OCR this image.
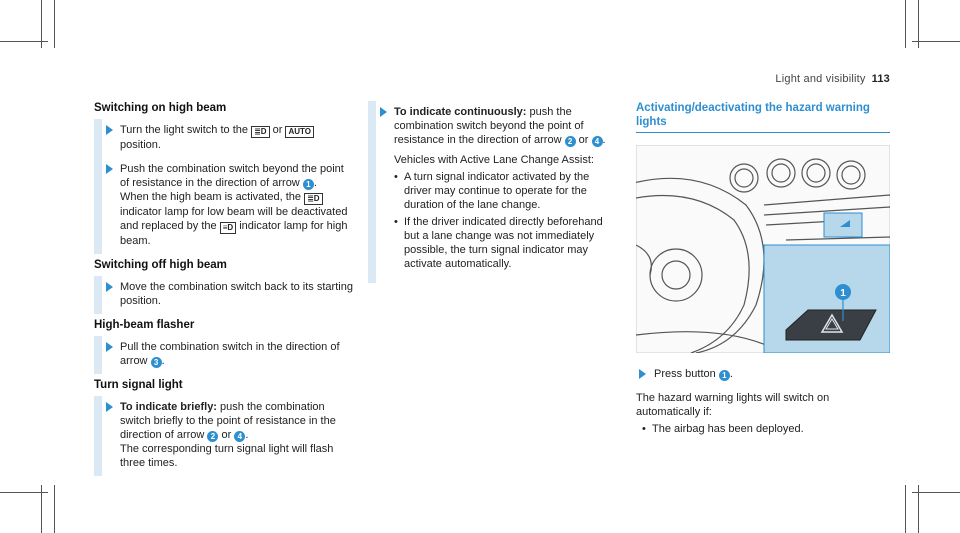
Light and visibility 113
Switching on high beam
Turn the light switch to the ≣D or AUTO position.
Push the combination switch beyond the point of resistance in the direction of arrow 1 .
When the high beam is activated, the ≣D indicator lamp for low beam will be deactivated and replaced by the ≡D indicator lamp for high beam.
Switching off high beam
Move the combination switch back to its starting position.
High-beam flasher
Pull the combination switch in the direction of arrow 3 .
Turn signal light
To indicate briefly: push the combination switch briefly to the point of resistance in the direction of arrow 2 or 4 .
The corresponding turn signal light will flash three times.
To indicate continuously: push the combination switch beyond the point of resistance in the direction of arrow 2 or 4 .
Vehicles with Active Lane Change Assist:
• A turn signal indicator activated by the driver may continue to operate for the duration of the lane change.
• If the driver indicated directly beforehand but a lane change was not immediately possible, the turn signal indicator may activate automatically.
Activating/deactivating the hazard warning lights
1
Press button 1 .
The hazard warning lights will switch on automatically if:
• The airbag has been deployed.
